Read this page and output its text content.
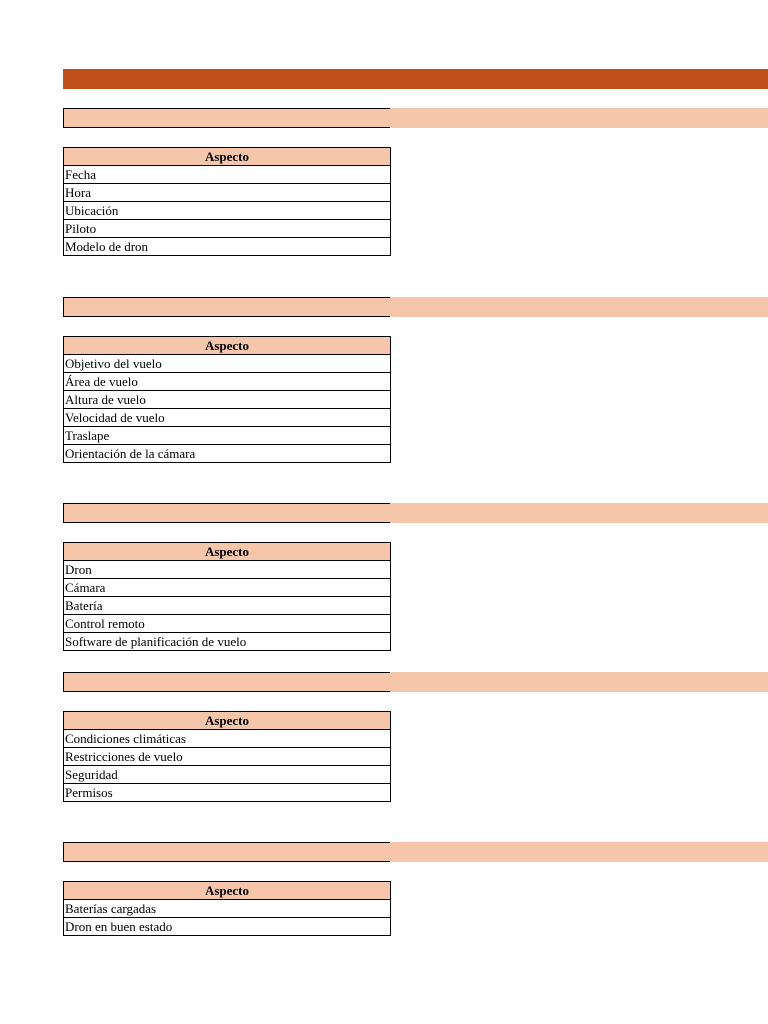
Aspecto
Fecha
Hora
Ubicación
Piloto
Modelo de dron
Aspecto
Objetivo del vuelo
Área de vuelo
Altura de vuelo
Velocidad de vuelo
Traslape
Orientación de la cámara
Aspecto
Dron
Cámara
Batería
Control remoto
Software de planificación de vuelo
Aspecto
Condiciones climáticas
Restricciones de vuelo
Seguridad
Permisos
Aspecto
Baterías cargadas
Dron en buen estado
